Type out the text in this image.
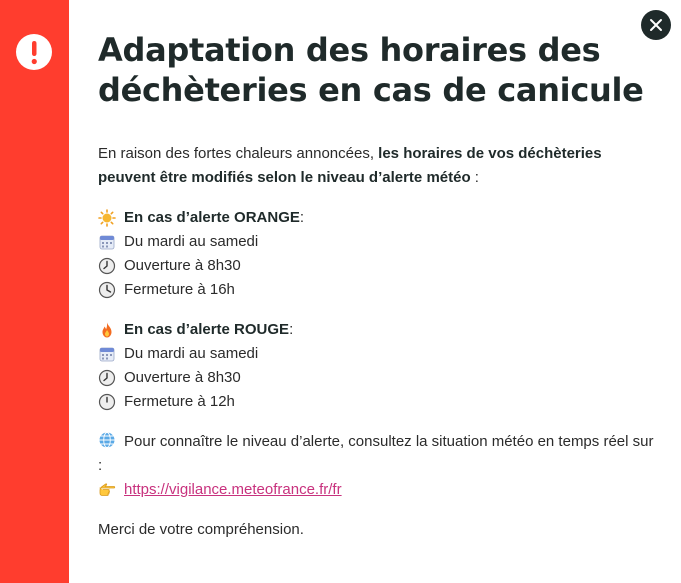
Adaptation des horaires des déchèteries en cas de canicule
En raison des fortes chaleurs annoncées, les horaires de vos déchèteries peuvent être modifiés selon le niveau d’alerte météo :
En cas d’alerte ORANGE :
Du mardi au samedi
Ouverture à 8h30
Fermeture à 16h
En cas d’alerte ROUGE :
Du mardi au samedi
Ouverture à 8h30
Fermeture à 12h
Pour connaître le niveau d’alerte, consultez la situation météo en temps réel sur :
https://vigilance.meteofrance.fr/fr
Merci de votre compréhension.
